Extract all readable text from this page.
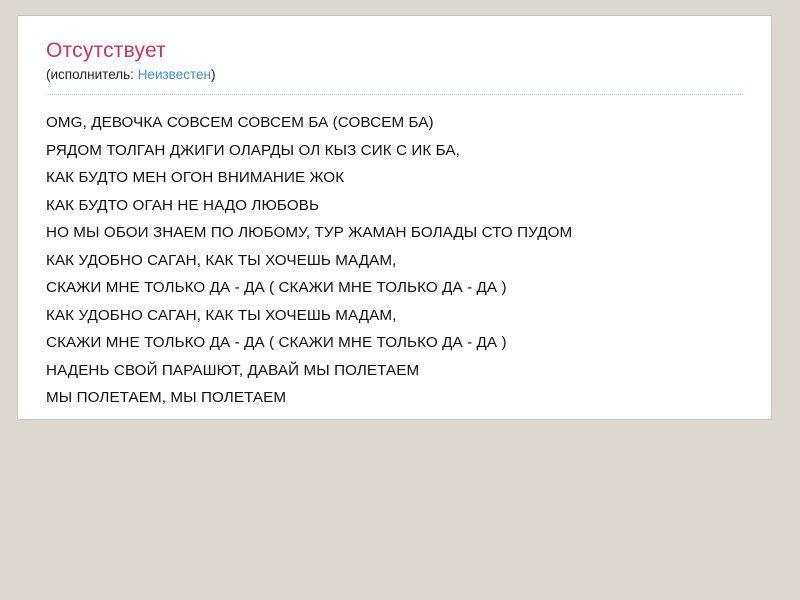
Отсутствует

(исполнитель: Неизвестен)

OMG, ДЕВОЧКА СОВСЕМ СОВСЕМ БА (СОВСЕМ БА)
РЯДОМ ТОЛГАН ДЖИГИ ОЛАРДЫ ОЛ КЫЗ СИК С ИК БА,
КАК БУДТО МЕН ОГОН ВНИМАНИЕ ЖОК
КАК БУДТО ОГАН НЕ НАДО ЛЮБОВЬ
НО МЫ ОБОИ ЗНАЕМ ПО ЛЮБОМУ, ТУР ЖАМАН БОЛАДЫ СТО ПУДОМ
КАК УДОБНО САГАН, КАК ТЫ ХОЧЕШЬ МАДАМ,
СКАЖИ МНЕ ТОЛЬКО ДА - ДА ( СКАЖИ МНЕ ТОЛЬКО ДА - ДА )
КАК УДОБНО САГАН, КАК ТЫ ХОЧЕШЬ МАДАМ,
СКАЖИ МНЕ ТОЛЬКО ДА - ДА ( СКАЖИ МНЕ ТОЛЬКО ДА - ДА )
НАДЕНЬ СВОЙ ПАРАШЮТ, ДАВАЙ МЫ ПОЛЕТАЕМ
МЫ ПОЛЕТАЕМ, МЫ ПОЛЕТАЕМ
